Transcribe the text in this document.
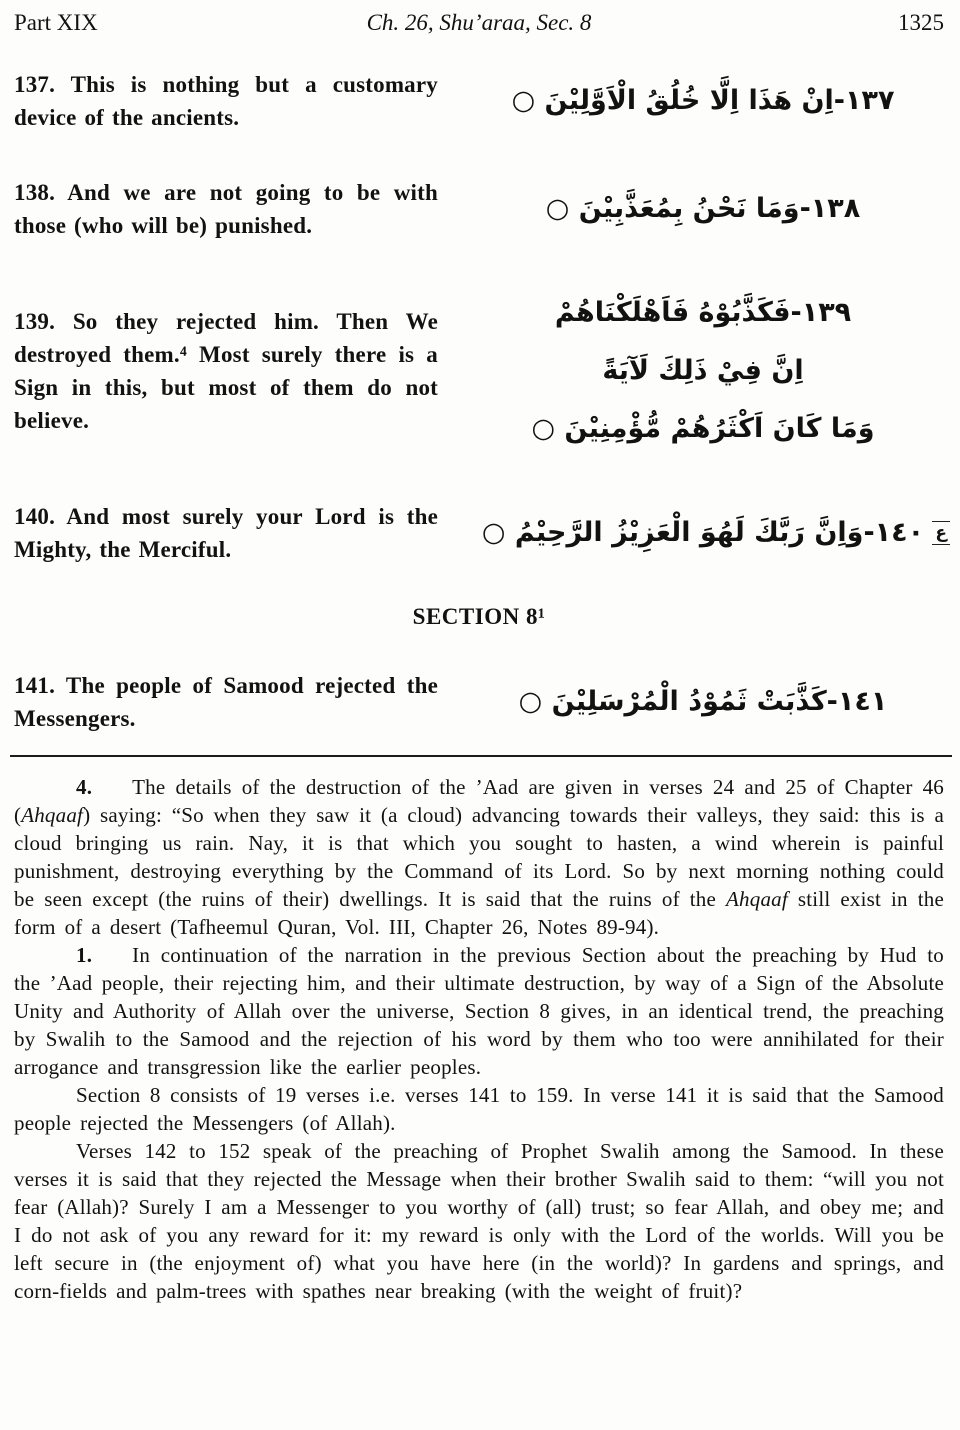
Part XIX	Ch. 26, Shu’araa, Sec. 8	1325

137. This is nothing but a customary device of the ancients.

١٣٧-اِنْ هَذَا اِلَّا خُلُقُ الْاَوَّلِيْنَ ○

138. And we are not going to be with those (who will be) punished.

١٣٨-وَمَا نَحْنُ بِمُعَذَّبِيْنَ ○

139. So they rejected him. Then We destroyed them.⁴ Most surely there is a Sign in this, but most of them do not believe.

١٣٩-فَكَذَّبُوْهُ فَاَهْلَكْنَاهُمْ
اِنَّ فِيْ ذَلِكَ لَآيَةً
وَمَا كَانَ اَكْثَرُهُمْ مُّؤْمِنِيْنَ ○

140. And most surely your Lord is the Mighty, the Merciful.

١٤٠-وَاِنَّ رَبَّكَ لَهُوَ الْعَزِيْزُ الرَّحِيْمُ ○ ع
SECTION 8¹

141. The people of Samood rejected the Messengers.

١٤١-كَذَّبَتْ ثَمُوْدُ الْمُرْسَلِيْنَ ○

4. The details of the destruction of the ’Aad are given in verses 24 and 25 of Chapter 46 (Ahqaaf) saying: “So when they saw it (a cloud) advancing towards their valleys, they said: this is a cloud bringing us rain. Nay, it is that which you sought to hasten, a wind wherein is painful punishment, destroying everything by the Command of its Lord. So by next morning nothing could be seen except (the ruins of their) dwellings. It is said that the ruins of the Ahqaaf still exist in the form of a desert (Tafheemul Quran, Vol. III, Chapter 26, Notes 89-94).

1. In continuation of the narration in the previous Section about the preaching by Hud to the ’Aad people, their rejecting him, and their ultimate destruction, by way of a Sign of the Absolute Unity and Authority of Allah over the universe, Section 8 gives, in an identical trend, the preaching by Swalih to the Samood and the rejection of his word by them who too were annihilated for their arrogance and transgression like the earlier peoples.

Section 8 consists of 19 verses i.e. verses 141 to 159. In verse 141 it is said that the Samood people rejected the Messengers (of Allah).

Verses 142 to 152 speak of the preaching of Prophet Swalih among the Samood. In these verses it is said that they rejected the Message when their brother Swalih said to them: “will you not fear (Allah)? Surely I am a Messenger to you worthy of (all) trust; so fear Allah, and obey me; and I do not ask of you any reward for it: my reward is only with the Lord of the worlds. Will you be left secure in (the enjoyment of) what you have here (in the world)? In gardens and springs, and corn-fields and palm-trees with spathes near breaking (with the weight of fruit)?
